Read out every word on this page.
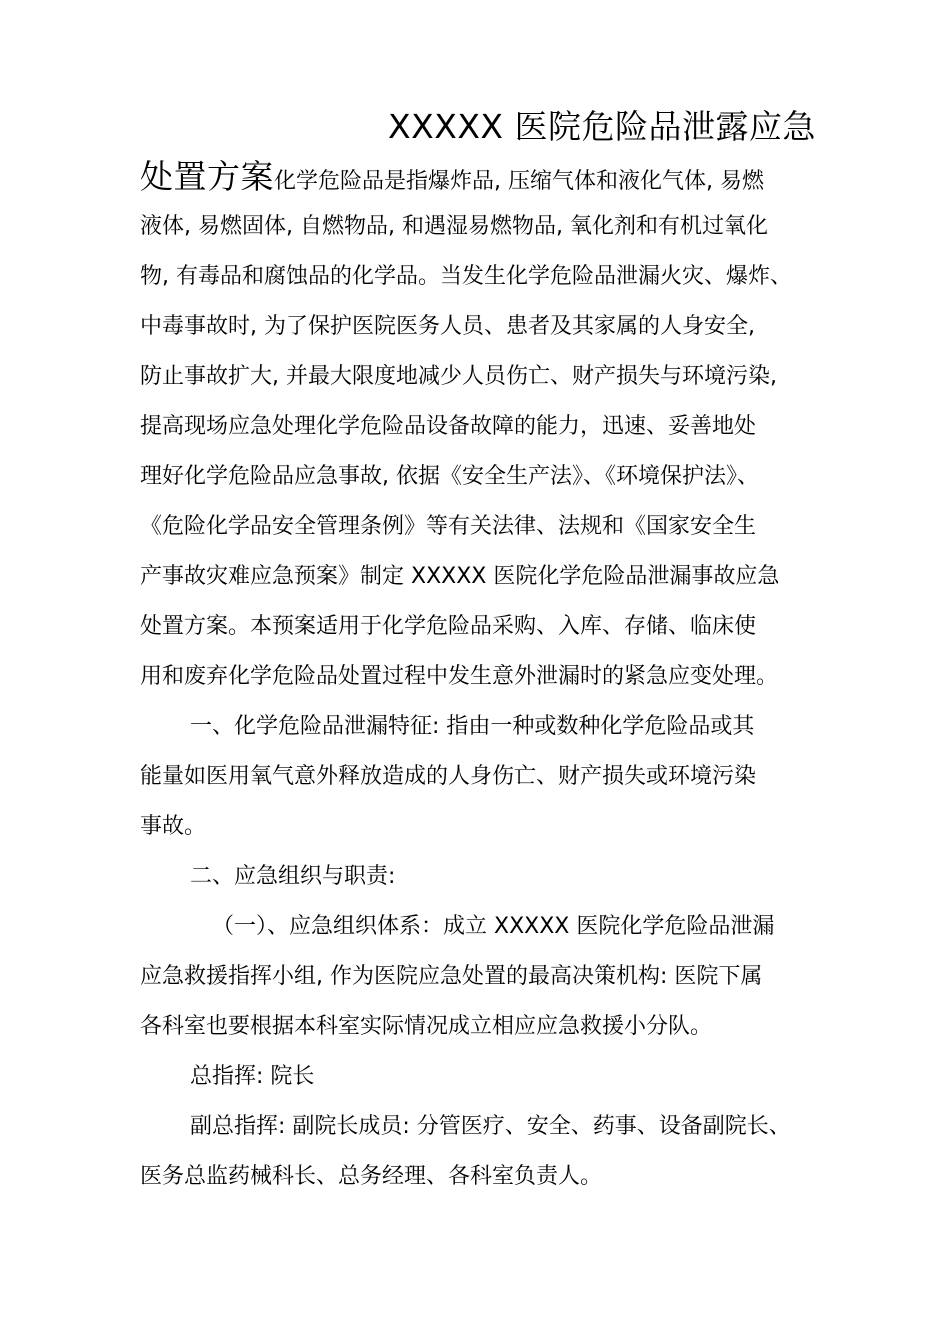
XXXXX 医院危险品泄露应急
处置方案化学危险品是指爆炸品, 压缩气体和液化气体, 易燃
液体, 易燃固体, 自燃物品, 和遇湿易燃物品, 氧化剂和有机过氧化
物, 有毒品和腐蚀品的化学品。当发生化学危险品泄漏火灾、爆炸、
中毒事故时, 为了保护医院医务人员、患者及其家属的人身安全,
防止事故扩大, 并最大限度地减少人员伤亡、财产损失与环境污染,
提高现场应急处理化学危险品设备故障的能力，迅速、妥善地处
理好化学危险品应急事故, 依据《安全生产法》、《环境保护法》、
《危险化学品安全管理条例》等有关法律、法规和《国家安全生
产事故灾难应急预案》制定 XXXXX 医院化学危险品泄漏事故应急
处置方案。本预案适用于化学危险品采购、入库、存储、临床使
用和废弃化学危险品处置过程中发生意外泄漏时的紧急应变处理。
一、化学危险品泄漏特征: 指由一种或数种化学危险品或其
能量如医用氧气意外释放造成的人身伤亡、财产损失或环境污染
事故。
二、应急组织与职责:
（一）、应急组织体系：成立 XXXXX 医院化学危险品泄漏
应急救援指挥小组, 作为医院应急处置的最高决策机构: 医院下属
各科室也要根据本科室实际情况成立相应应急救援小分队。
总指挥: 院长
副总指挥: 副院长成员: 分管医疗、安全、药事、设备副院长、
医务总监药械科长、总务经理、各科室负责人。
